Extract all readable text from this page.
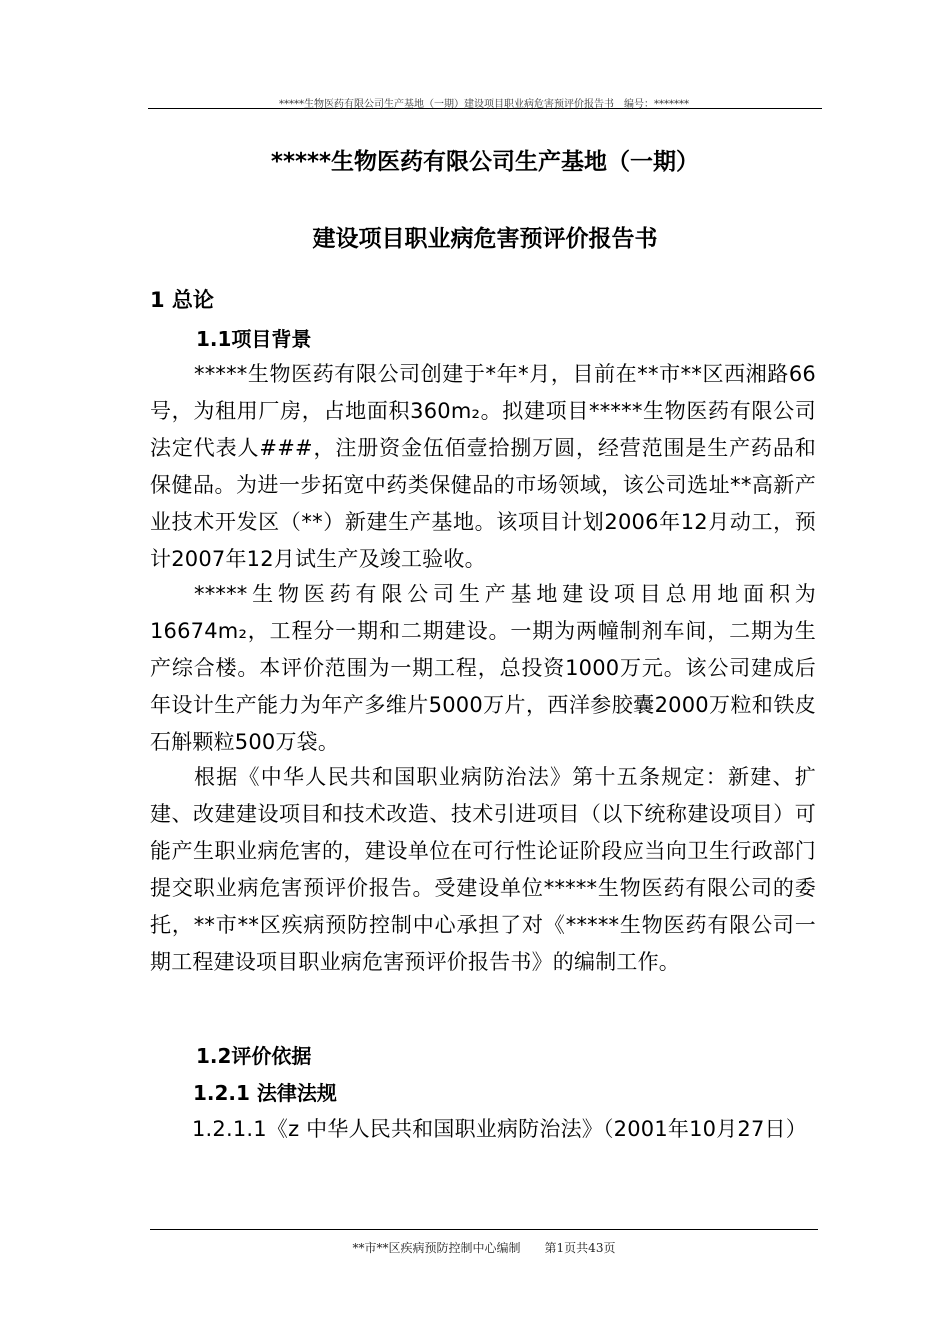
*****生物医药有限公司生产基地（一期）建设项目职业病危害预评价报告书　编号：*******
*****生物医药有限公司生产基地（一期）
建设项目职业病危害预评价报告书
1 总论
1.1项目背景

*****生物医药有限公司创建于*年*月，目前在**市**区西湘路66号，为租用厂房，占地面积360m₂。拟建项目*****生物医药有限公司法定代表人###，注册资金伍佰壹拾捌万圆，经营范围是生产药品和保健品。为进一步拓宽中药类保健品的市场领域，该公司选址**高新产业技术开发区（**）新建生产基地。该项目计划2006年12月动工，预计2007年12月试生产及竣工验收。

*****生物医药有限公司生产基地建设项目总用地面积为16674m₂，工程分一期和二期建设。一期为两幢制剂车间，二期为生产综合楼。本评价范围为一期工程，总投资1000万元。该公司建成后年设计生产能力为年产多维片5000万片，西洋参胶囊2000万粒和铁皮石斛颗粒500万袋。

根据《中华人民共和国职业病防治法》第十五条规定：新建、扩建、改建建设项目和技术改造、技术引进项目（以下统称建设项目）可能产生职业病危害的，建设单位在可行性论证阶段应当向卫生行政部门提交职业病危害预评价报告。受建设单位*****生物医药有限公司的委托，**市**区疾病预防控制中心承担了对《*****生物医药有限公司一期工程建设项目职业病危害预评价报告书》的编制工作。

1.2评价依据
1.2.1 法律法规

1.2.1.1《z 中华人民共和国职业病防治法》（2001年10月27日）

**市**区疾病预防控制中心编制　　第1页共43页
